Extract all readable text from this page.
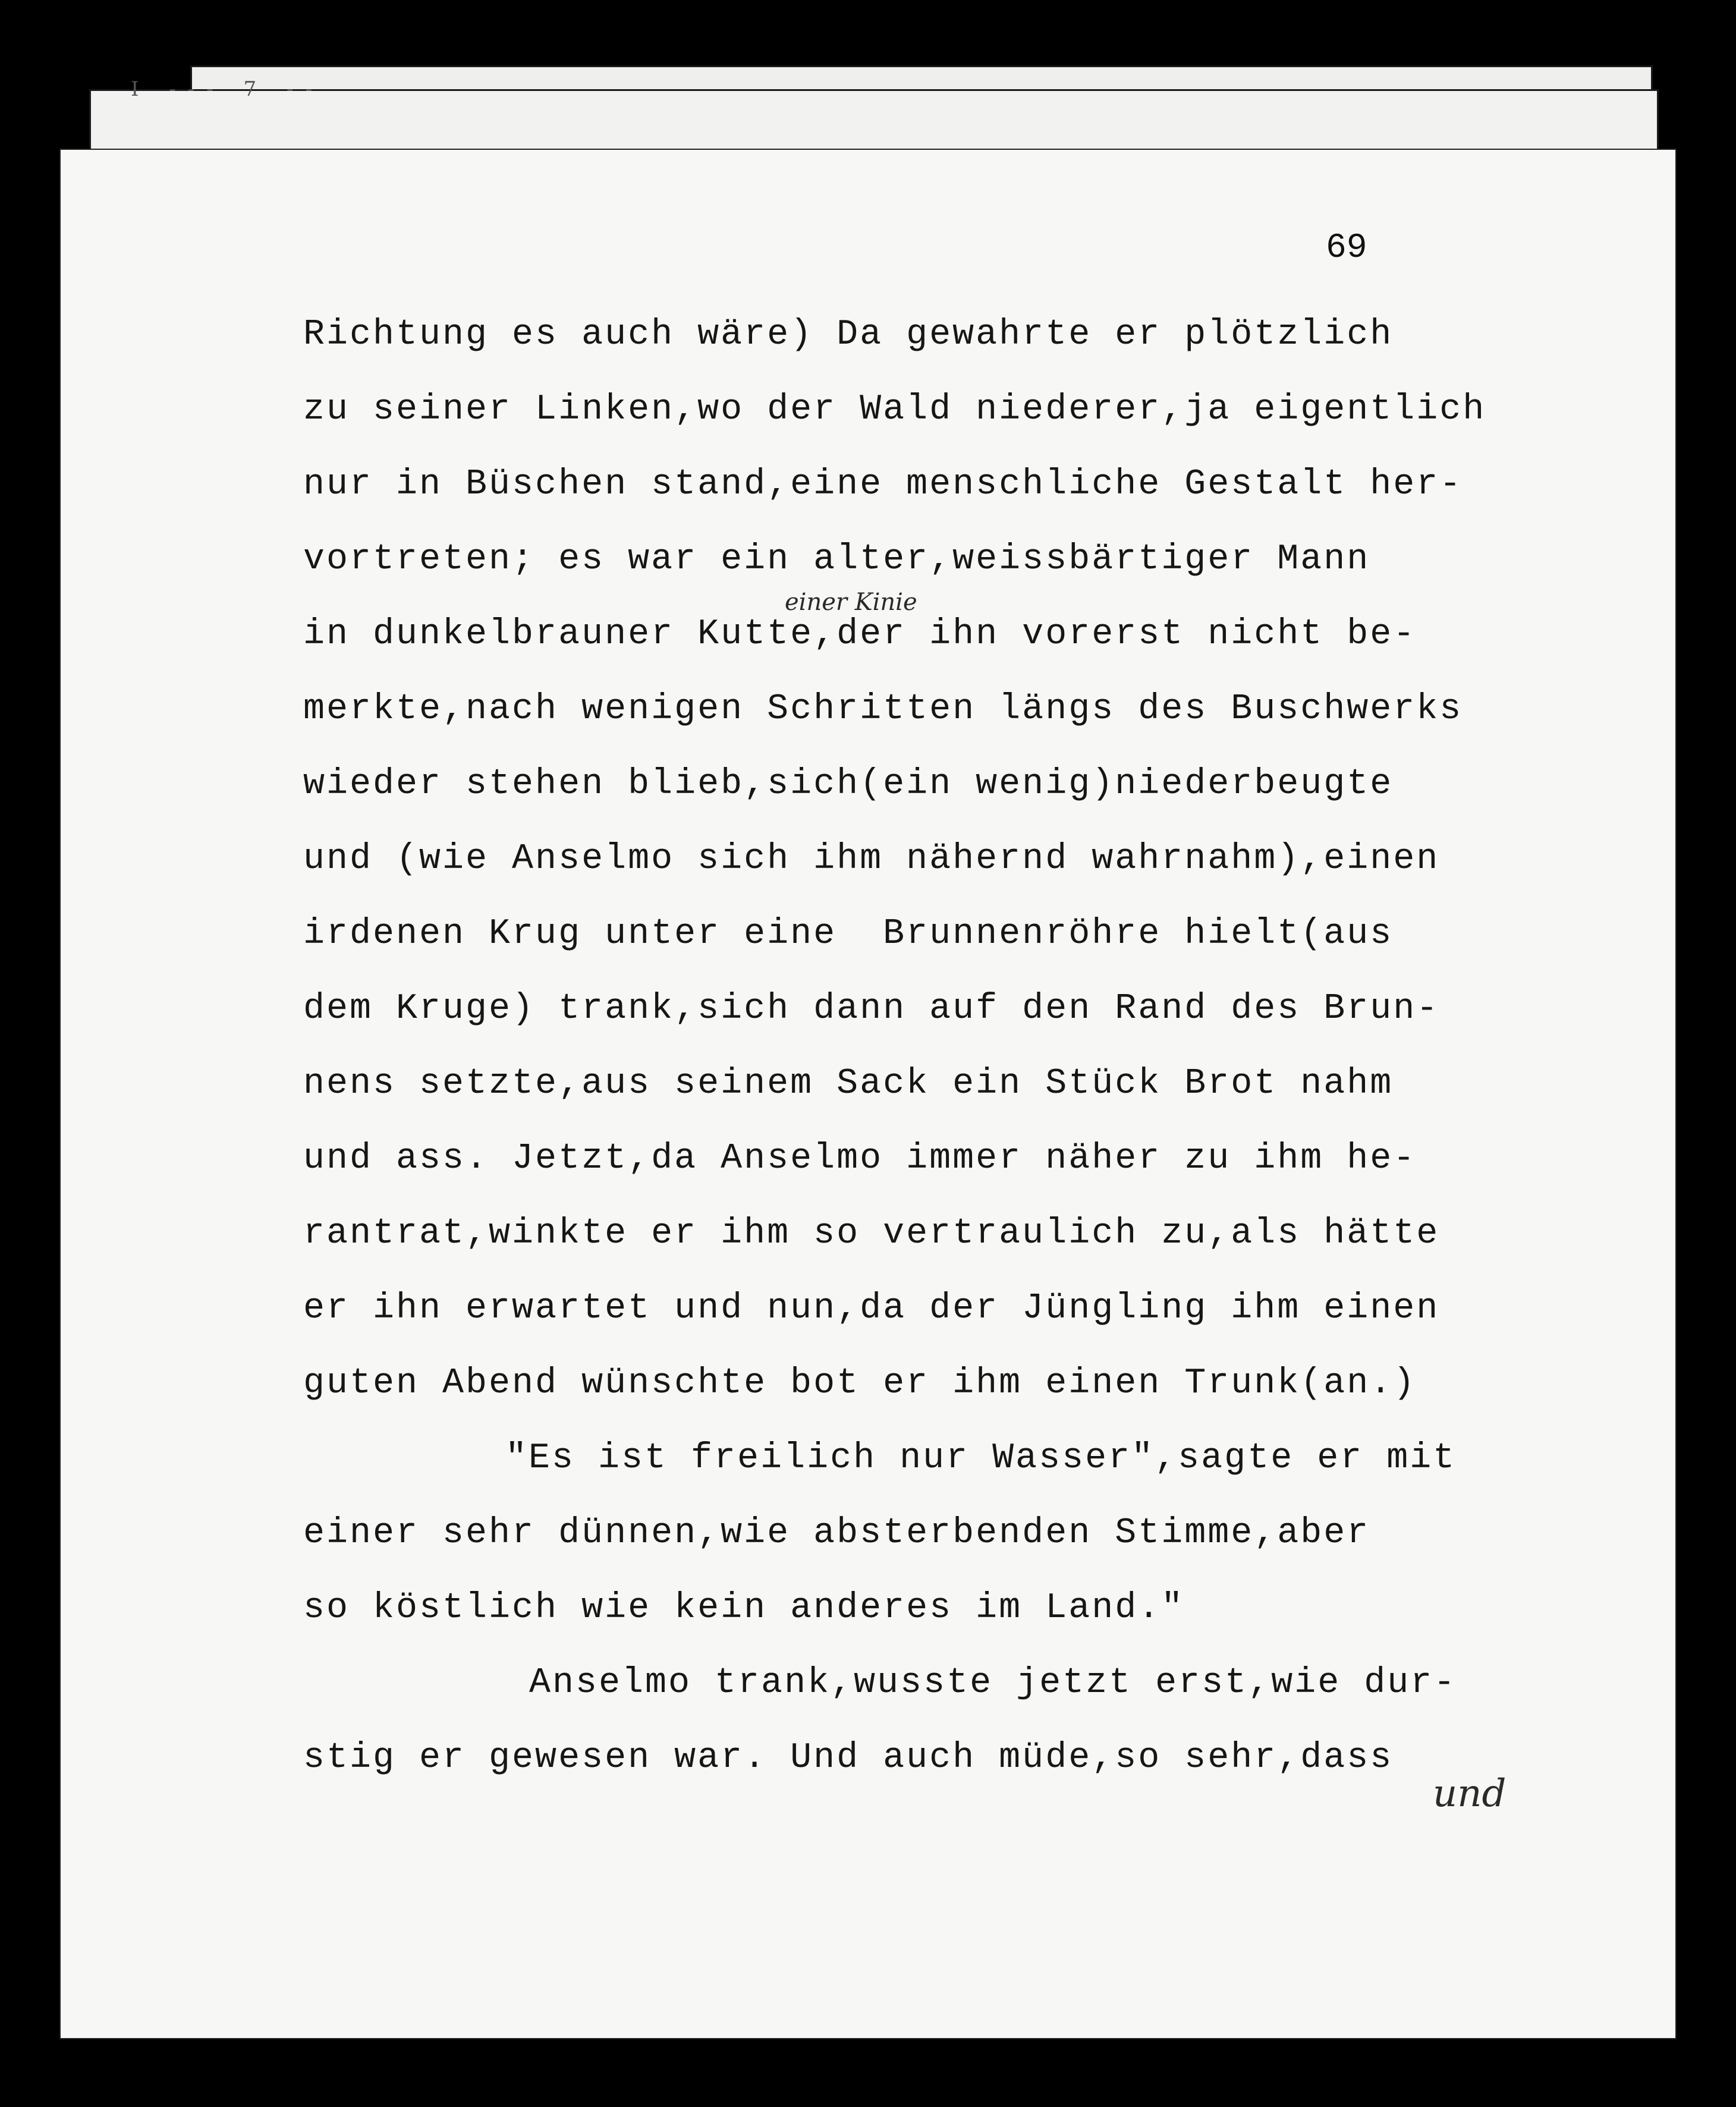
I --- 7 --
69
einer Kinie
und
Richtung es auch wäre) Da gewahrte er plötzlich
zu seiner Linken,wo der Wald niederer,ja eigentlich
nur in Büschen stand,eine menschliche Gestalt her-
vortreten; es war ein alter,weissbärtiger Mann
in dunkelbrauner Kutte,der ihn vorerst nicht be-
merkte,nach wenigen Schritten längs des Buschwerks
wieder stehen blieb,sich(ein wenig)niederbeugte
und (wie Anselmo sich ihm nähernd wahrnahm),einen
irdenen Krug unter eine  Brunnenröhre hielt(aus
dem Kruge) trank,sich dann auf den Rand des Brun-
nens setzte,aus seinem Sack ein Stück Brot nahm
und ass. Jetzt,da Anselmo immer näher zu ihm he-
rantrat,winkte er ihm so vertraulich zu,als hätte
er ihn erwartet und nun,da der Jüngling ihm einen
guten Abend wünschte bot er ihm einen Trunk(an.)
"Es ist freilich nur Wasser",sagte er mit
einer sehr dünnen,wie absterbenden Stimme,aber
so köstlich wie kein anderes im Land."
Anselmo trank,wusste jetzt erst,wie dur-
stig er gewesen war. Und auch müde,so sehr,dass
